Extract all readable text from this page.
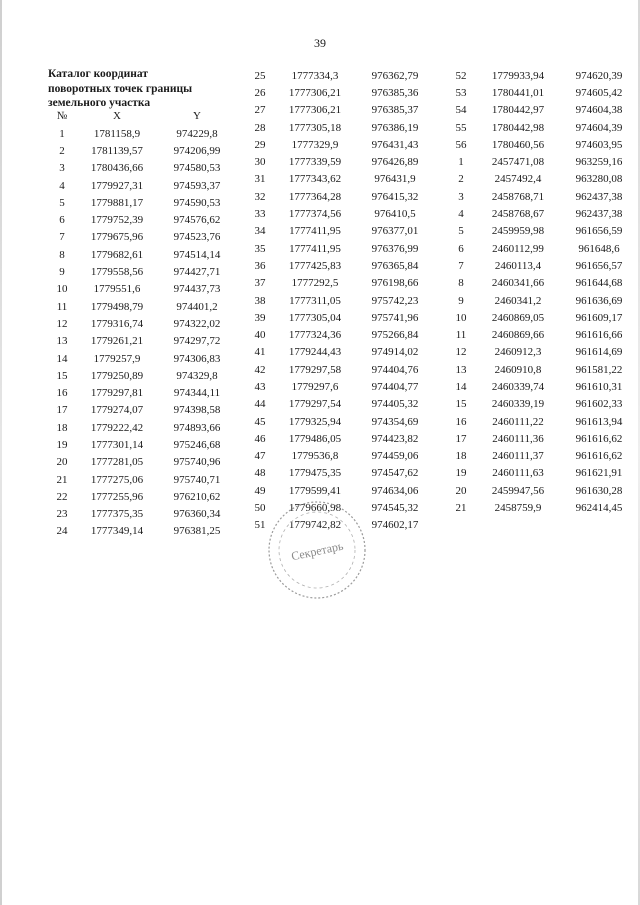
39
Каталог координат
поворотных точек границы
земельного участка
№	X	Y
1	1781158,9	974229,8
2	1781139,57	974206,99
3	1780436,66	974580,53
4	1779927,31	974593,37
5	1779881,17	974590,53
6	1779752,39	974576,62
7	1779675,96	974523,76
8	1779682,61	974514,14
9	1779558,56	974427,71
10	1779551,6	974437,73
11	1779498,79	974401,2
12	1779316,74	974322,02
13	1779261,21	974297,72
14	1779257,9	974306,83
15	1779250,89	974329,8
16	1779297,81	974344,11
17	1779274,07	974398,58
18	1779222,42	974893,66
19	1777301,14	975246,68
20	1777281,05	975740,96
21	1777275,06	975740,71
22	1777255,96	976210,62
23	1777375,35	976360,34
24	1777349,14	976381,25
25	1777334,3	976362,79
26	1777306,21	976385,36
27	1777306,21	976385,37
28	1777305,18	976386,19
29	1777329,9	976431,43
30	1777339,59	976426,89
31	1777343,62	976431,9
32	1777364,28	976415,32
33	1777374,56	976410,5
34	1777411,95	976377,01
35	1777411,95	976376,99
36	1777425,83	976365,84
37	1777292,5	976198,66
38	1777311,05	975742,23
39	1777305,04	975741,96
40	1777324,36	975266,84
41	1779244,43	974914,02
42	1779297,58	974404,76
43	1779297,6	974404,77
44	1779297,54	974405,32
45	1779325,94	974354,69
46	1779486,05	974423,82
47	1779536,8	974459,06
48	1779475,35	974547,62
49	1779599,41	974634,06
50	1779660,98	974545,32
51	1779742,82	974602,17
52	1779933,94	974620,39
53	1780441,01	974605,42
54	1780442,97	974604,38
55	1780442,98	974604,39
56	1780460,56	974603,95
1	2457471,08	963259,16
2	2457492,4	963280,08
3	2458768,71	962437,38
4	2458768,67	962437,38
5	2459959,98	961656,59
6	2460112,99	961648,6
7	2460113,4	961656,57
8	2460341,66	961644,68
9	2460341,2	961636,69
10	2460869,05	961609,17
11	2460869,66	961616,66
12	2460912,3	961614,69
13	2460910,8	961581,22
14	2460339,74	961610,31
15	2460339,19	961602,33
16	2460111,22	961613,94
17	2460111,36	961616,62
18	2460111,37	961616,62
19	2460111,63	961621,91
20	2459947,56	961630,28
21	2458759,9	962414,45
Секретарь
